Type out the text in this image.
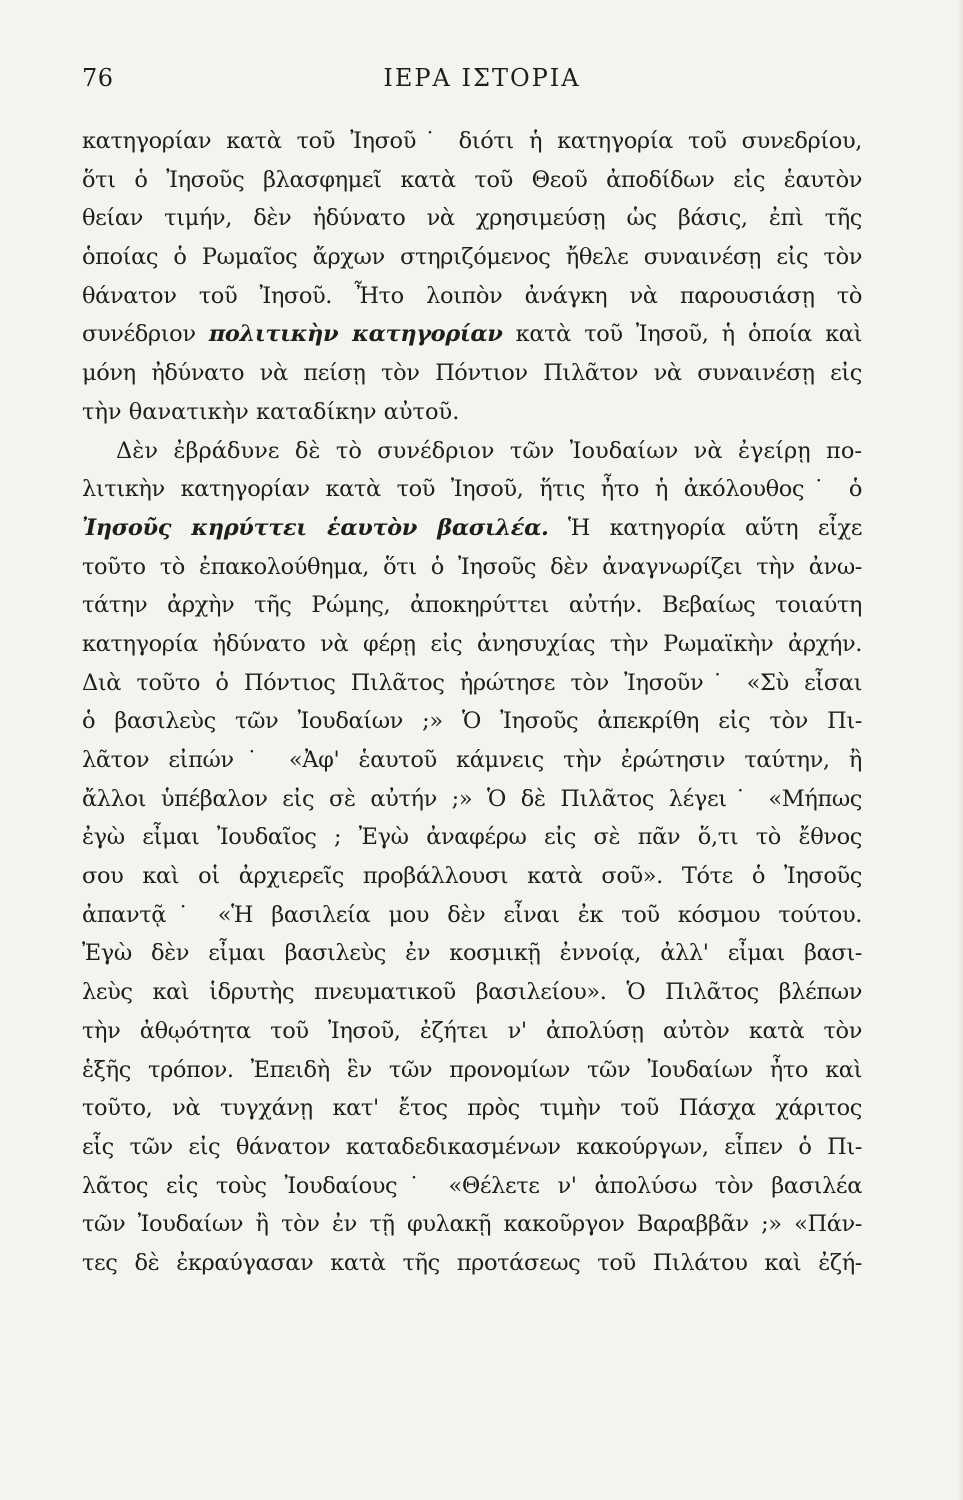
76	ΙΕΡΑ ΙΣΤΟΡΙΑ
κατηγορίαν κατὰ τοῦ Ἰησοῦ˙ διότι ἡ κατηγορία τοῦ συνεδρίου,
ὅτι ὁ Ἰησοῦς βλασφημεῖ κατὰ τοῦ Θεοῦ ἀποδίδων εἰς ἑαυτὸν
θείαν τιμήν, δὲν ἠδύνατο νὰ χρησιμεύσῃ ὡς βάσις, ἐπὶ τῆς
ὁποίας ὁ Ρωμαῖος ἄρχων στηριζόμενος ἤθελε συναινέσῃ εἰς τὸν
θάνατον τοῦ Ἰησοῦ. Ἦτο λοιπὸν ἀνάγκη νὰ παρουσιάσῃ τὸ
συνέδριον πολιτικὴν κατηγορίαν κατὰ τοῦ Ἰησοῦ, ἡ ὁποία καὶ
μόνη ἠδύνατο νὰ πείσῃ τὸν Πόντιον Πιλᾶτον νὰ συναινέσῃ εἰς
τὴν θανατικὴν καταδίκην αὐτοῦ.
Δὲν ἐβράδυνε δὲ τὸ συνέδριον τῶν Ἰουδαίων νὰ ἐγείρῃ πο-
λιτικὴν κατηγορίαν κατὰ τοῦ Ἰησοῦ, ἥτις ἦτο ἡ ἀκόλουθος˙ ὁ
Ἰησοῦς κηρύττει ἑαυτὸν βασιλέα. Ἡ κατηγορία αὕτη εἶχε
τοῦτο τὸ ἐπακολούθημα, ὅτι ὁ Ἰησοῦς δὲν ἀναγνωρίζει τὴν ἀνω-
τάτην ἀρχὴν τῆς Ρώμης, ἀποκηρύττει αὐτήν. Βεβαίως τοιαύτη
κατηγορία ἠδύνατο νὰ φέρῃ εἰς ἀνησυχίας τὴν Ρωμαϊκὴν ἀρχήν.
Διὰ τοῦτο ὁ Πόντιος Πιλᾶτος ἠρώτησε τὸν Ἰησοῦν˙ «Σὺ εἶσαι
ὁ βασιλεὺς τῶν Ἰουδαίων ;» Ὁ Ἰησοῦς ἀπεκρίθη εἰς τὸν Πι-
λᾶτον εἰπών˙ «Ἀφ' ἑαυτοῦ κάμνεις τὴν ἐρώτησιν ταύτην, ἢ
ἄλλοι ὑπέβαλον εἰς σὲ αὐτήν ;» Ὁ δὲ Πιλᾶτος λέγει˙ «Μήπως
ἐγὼ εἶμαι Ἰουδαῖος ; Ἐγὼ ἀναφέρω εἰς σὲ πᾶν ὅ,τι τὸ ἔθνος
σου καὶ οἱ ἀρχιερεῖς προβάλλουσι κατὰ σοῦ». Τότε ὁ Ἰησοῦς
ἀπαντᾷ˙ «Ἡ βασιλεία μου δὲν εἶναι ἐκ τοῦ κόσμου τούτου.
Ἐγὼ δὲν εἶμαι βασιλεὺς ἐν κοσμικῇ ἐννοίᾳ, ἀλλ' εἶμαι βασι-
λεὺς καὶ ἱδρυτὴς πνευματικοῦ βασιλείου». Ὁ Πιλᾶτος βλέπων
τὴν ἀθῳότητα τοῦ Ἰησοῦ, ἐζήτει ν' ἀπολύσῃ αὐτὸν κατὰ τὸν
ἑξῆς τρόπον. Ἐπειδὴ ἓν τῶν προνομίων τῶν Ἰουδαίων ἦτο καὶ
τοῦτο, νὰ τυγχάνῃ κατ' ἔτος πρὸς τιμὴν τοῦ Πάσχα χάριτος
εἷς τῶν εἰς θάνατον καταδεδικασμένων κακούργων, εἶπεν ὁ Πι-
λᾶτος εἰς τοὺς Ἰουδαίους˙ «Θέλετε ν' ἀπολύσω τὸν βασιλέα
τῶν Ἰουδαίων ἢ τὸν ἐν τῇ φυλακῇ κακοῦργον Βαραββᾶν ;» «Πάν-
τες δὲ ἐκραύγασαν κατὰ τῆς προτάσεως τοῦ Πιλάτου καὶ ἐζή-
